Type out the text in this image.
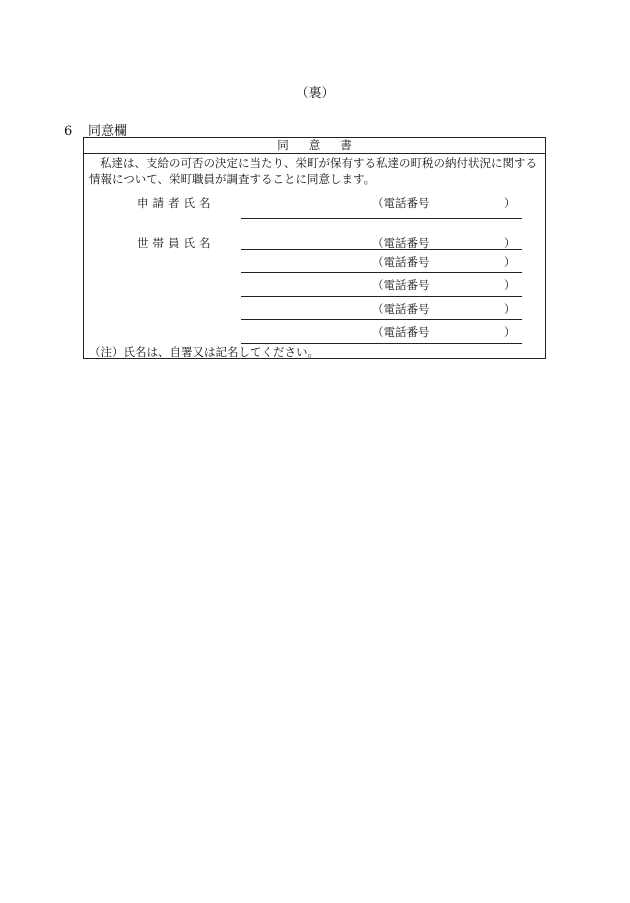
（裏）
6 同意欄
同意書
私達は、支給の可否の決定に当たり、栄町が保有する私達の町税の納付状況に関する情報について、栄町職員が調査することに同意します。
申請者氏名	（電話番号	）
世帯員氏名	（電話番号	）
（電話番号	）
（電話番号	）
（電話番号	）
（電話番号	）
（注）氏名は、自署又は記名してください。
